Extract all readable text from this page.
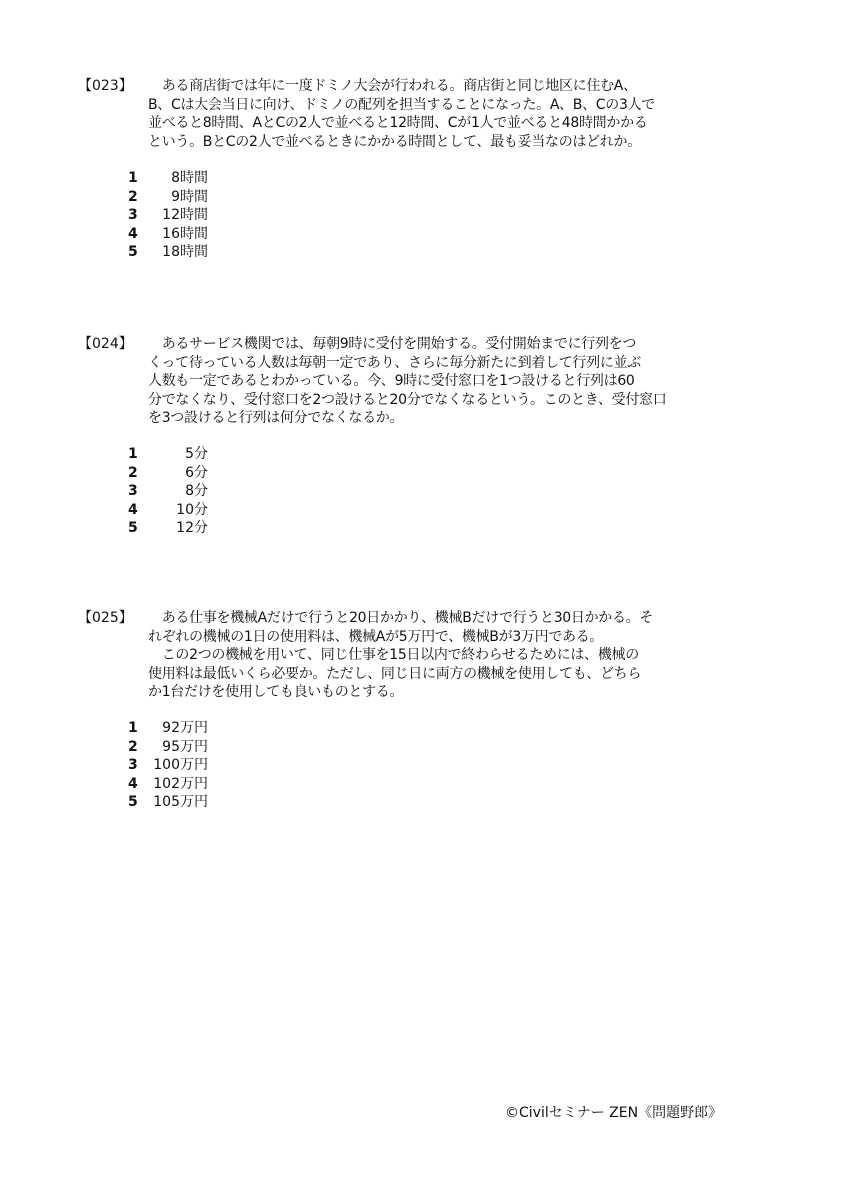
【023】 　ある商店街では年に一度ドミノ大会が行われる。商店街と同じ地区に住むA、
B、Cは大会当日に向け、ドミノの配列を担当することになった。A、B、Cの3人で
並べると8時間、AとCの2人で並べると12時間、Cが1人で並べると48時間かかる
という。BとCの2人で並べるときにかかる時間として、最も妥当なのはどれか。
1	8時間
2	9時間
3	12時間
4	16時間
5	18時間
【024】 　あるサービス機関では、毎朝9時に受付を開始する。受付開始までに行列をつ
くって待っている人数は毎朝一定であり、さらに毎分新たに到着して行列に並ぶ
人数も一定であるとわかっている。今、9時に受付窓口を1つ設けると行列は60
分でなくなり、受付窓口を2つ設けると20分でなくなるという。このとき、受付窓口
を3つ設けると行列は何分でなくなるか。
1	5分
2	6分
3	8分
4	10分
5	12分
【025】 　ある仕事を機械Aだけで行うと20日かかり、機械Bだけで行うと30日かかる。そ
れぞれの機械の1日の使用料は、機械Aが5万円で、機械Bが3万円である。
　この2つの機械を用いて、同じ仕事を15日以内で終わらせるためには、機械の
使用料は最低いくら必要か。ただし、同じ日に両方の機械を使用しても、どちら
か1台だけを使用しても良いものとする。
1	92万円
2	95万円
3	100万円
4	102万円
5	105万円
©Civilセミナー ZEN《問題野郎》
